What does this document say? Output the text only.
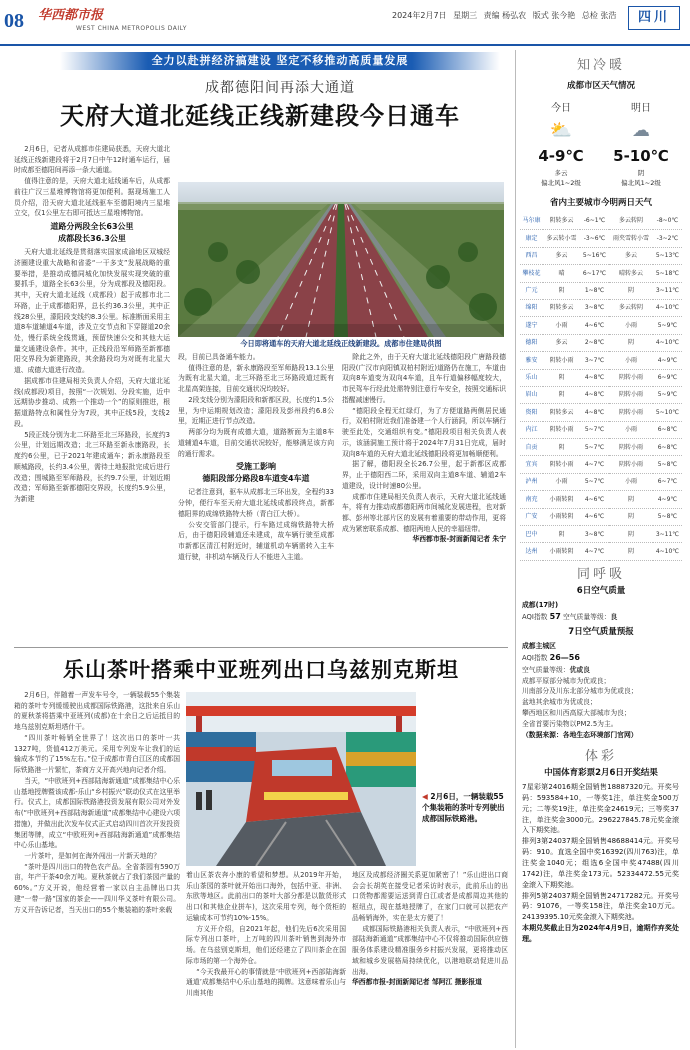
08 华西都市报
WEST CHINA METROPOLIS DAILY
2024年2月7日 星期三 责编 杨弘农 版式 张今艳 总检 张浩	四川
全力以赴拼经济搞建设 坚定不移推动高质量发展
成都德阳间再添大通道
天府大道北延线正线新建段今日通车

2月6日，记者从成都市住建局获悉，天府大道北延线正线新建段将于2月7日中午12时通车运行，届时成都至德阳间再添一条大通道。

值得注意的是，天府大道北延线通车后，从成都前往广汉三星堆博物馆将更加便利。据现场施工人员介绍，沿天府大道北延线驱车至德阳境内三星堆立交，仅1公里左右即可抵达三星堆博物馆。

道路分两段全长63公里
成都段长36.3公里

天府大道北延线是贯彻落实国家成渝地区双城经济圈建设重大战略和省委“一干多支”发展战略的重要举措，是推动成德同城化加快发展实现突破的重要抓手，道路全长63公里，分为成都段及德阳段。其中，天府大道北延线（成都段）起于成都市北二环路，止于成都德阳界，总长约36.3公里，其中正线28公里，濛阳段支线约8.3公里。标准断面采用主道8车道辅道4车道，涉及立交节点和下穿隧道20余处，慢行系统全线贯通，预留快速公交和其他大运量交通建设条件。其中，正线段沿军师路至新都德阳交界段为新建路段，其余路段均为对既有北星大道、成德大道进行改造。

据成都市住建局相关负责人介绍，天府大道北延线(成都段)项目，按照“一次规划、分段实施，近中远期协步推动、成熟一个推动一个”的原则推进，根据道路特点和属性分为7段，其中正线5段，支线2段。

5段正线分别为北二环路至北三环路段，长度约3公里，计划远期改造；北三环路至新永康路段，长度约6公里，已于2021年建成通车；新永康路段至顺城路段，长约3.4公里，需待土地报批完成后进行改造；围城路至军师路段，长约9.7公里，计划近期改造；军师路至新都德阳交界段，长度约5.9公里，为新建

今日即将通车的天府大道北延线正线新建段。成都市住建局供图

段，目前已具备通车能力。

值得注意的是，新永康路段至军师路段13.1公里为既有北星大道，北三环路至北三环路段道过既有北星高架连接，目前交通状况均较好。

2段支线分别为濛阳段和新都区段，长度约1.5公里，为中运期规划改造；濛阳段及彭州段约6.8公里，近期正进行节点改造。

两部分均为既有成德大道，道路断面为主道8车道辅道4车道，目前交通状况较好，能够满足该方向的通行需求。

受施工影响
德阳段部分路段8车道变4车道

记者注意到，驱车从成都北三环出发，全程约33分钟，便行车至天府大道北延线成都段终点，新都德阳界的成绵铁路特大桥（青白江大桥）。

公安交管部门提示，行车路过成绵铁路特大桥后，由于德阳段辅道还未建成，故车辆行驶至成都市新都区清江村附近时，辅道机动车辆需转入主车道行驶，非机动车辆及行人不能进入主道。

除此之外，由于天府大道北延线德阳段广唐路段德阳段(广汉市向阳镇双柏村附近)道路仍在施工，车道由双向8车道变为双向4车道，且车行道偏移幅度较大，市民驾车行经此处需特别注意行车安全，按照交通标识指醒减速慢行。

“德阳段全程无红绿灯，为了方便道路两侧居民通行，双柏村附近我们准备建一个人行涵洞，所以车辆行驶至此处，交通组织有变。”德阳段项目相关负责人表示，该涵洞施工预计将于2024年7月31日完成，届时双向8车道的天府大道北延线德阳段将更加畅顺便利。

据了解，德阳段全长26.7公里，起于新都区成都界，止于德阳西二环，采用双向主道8车道、辅道2车道建设，设计时速80公里。

成都市住建局相关负责人表示，天府大道北延线通车，将有力推动成都德阳两市间城化发展进程，也对新都、彭州等北部片区的发展有着重要的带动作用，更将成为紧密联系成都、德阳两地人民的幸福纽带。

华西都市报-封面新闻记者 朱宁

乐山茶叶搭乘中亚班列出口乌兹别克斯坦

2月6日，伴随着一声发车号令，一辆装载55个集装箱的茶叶专列缓缓驶出成都国际铁路港，这批来自乐山的夏秋茶将搭乘中亚班列(成都)在十余日之后运抵目的地乌兹别克斯坦塔什干。

“四川茶叶畅销全世界了！这次出口的茶叶一共1327吨，货值412万美元。采用专列发车让我们的运输成本节约了15%左右。”位于成都市青白江区的成都国际铁路港一片繁忙，茶商方义开高兴地向记者介绍。

当天，“中欧班列+西部陆海新通道”成都集结中心乐山基地授牌暨该成都-乐山“乡村振兴”联动仪式在这里举行。仪式上，成都国际铁路港投资发展有限公司对外发布(“中欧班列+西部陆海新通道”成都集结中心建设六项措施)，并做出此次发车仪式正式启动四川首次开发投资集团等牌，成立“中欧班列+西部陆海新通道”成都集结中心乐山基地。

一片茶叶，是如何在海外闯出一片新天地的？

“茶叶是四川出口的特色农产品。全省茶园有590万亩，年产干茶40余万吨。夏秋茶就占了我们茶园产量的60%。”方义开说，他经营着一家以自主品牌出口共建“一带一路”国家的茶企——四川华义茶叶有限公司。方义开告诉记者，当天出口的55个集装箱的茶叶来载

◀ 2月6日，一辆装载55个集装箱的茶叶专列驶出成都国际铁路港。

着山区茶农奔小康的希望和梦想。从2019年开始，乐山茶园的茶叶就开始出口海外，包括中亚、非洲、东欧等地区。此前出口的茶叶大部分都是以散货形式出口(和其他企业拼车)，这次采用专列，每个货柜的运输成本可节约10%-15%。

方义开介绍，自2021年起，他们先后6次采用国际专列出口茶叶，上万吨的四川茶叶销售到海外市场。在乌兹别克斯坦，他们还经建立了四川茶企在国际市场的第一个海外仓。

“今天我最开心的事情就是‘中欧班列+西部陆海新通道’成都集结中心乐山基地的揭牌。这意味着乐山与川南其他

地区及成都经济圈关系更加紧密了！”乐山进出口商会会长胡英在接受记者采访时表示，此前乐山的出口货物都需要运送到青白江或者是成都周边其他的枢纽点，现在基地授牌了，在家门口就可以把农产品畅销海外，实在是太方便了！

成都国际铁路港相关负责人表示，“中欧班列+西部陆海新通道”成都集结中心不仅将推动国际供应链服务体系建设精准服务乡村振兴发展，更将推动区域和城乡发展格局持续优化，以港地联动促进川品出海。

华西都市报-封面新闻记者 邹阿江 摄影报道

知冷暖
成都市区天气情况
今日
⛅
4-9℃
多云
偏北风1~2级
明日
☁
5-10℃
阴
偏北风1~2级
省内主要城市今明两日天气
马尔康	阴转多云	-6~1℃	多云转阴	-8~0℃
康定	多云转小雪	-3~6℃	雨夹雪转小雪	-3~2℃
西昌	多云	5~16℃	多云	5~13℃
攀枝花	晴	6~17℃	晴转多云	5~18℃
广元	阴	1~8℃	阴	3~11℃
绵阳	阴转多云	3~8℃	多云转阴	4~10℃
遂宁	小雨	4~6℃	小雨	5~9℃
德阳	多云	2~8℃	阴	4~10℃
雅安	阴转小雨	3~7℃	小雨	4~9℃
乐山	阴	4~8℃	阴转小雨	6~9℃
眉山	阴	4~8℃	阴转小雨	5~9℃
资阳	阴转多云	4~8℃	阴转小雨	5~10℃
内江	阴转小雨	5~7℃	小雨	6~8℃
自贡	阴	5~7℃	阴转小雨	6~8℃
宜宾	阴转小雨	4~7℃	阴转小雨	5~8℃
泸州	小雨	5~7℃	小雨	6~7℃
南充	小雨转阴	4~6℃	阴	4~9℃
广安	小雨转阴	4~6℃	阴	5~8℃
巴中	阴	3~8℃	阴	3~11℃
达州	小雨转阴	4~7℃	阴	4~10℃
同呼吸
6日空气质量
成都(17时)
AQI指数 57 空气质量等级：良
7日空气质量预报
成都主城区
AQI指数 26—56
空气质量等级：优或良
成都平原部分城市为优或良；
川南部分及川东北部分城市为优或良；
盆地其余城市为优或良；
攀西地区和川西高原大部城市为良；
全省首要污染物以PM2.5为主。
（数据来源：各地生态环境部门官网）
体彩
中国体育彩票2月6日开奖结果

7星彩第24016期全国销售18887320元。开奖号码：593584+10，一等奖1注，单注奖金500万元；二等奖19注，单注奖金24619元；三等奖37注，单注奖金3000元。296227845.78元奖金滚入下期奖池。

排列3第24037期全国销售48688414元。开奖号码：910。直选全国中奖16392(四川763)注，单注奖金1040元；组选6全国中奖47488(四川1742)注，单注奖金173元。52334472.55元奖金滚入下期奖池。

排列5第24037期全国销售24717282元。开奖号码：91076，一等奖158注，单注奖金10万元。24139395.10元奖金滚入下期奖池。

本期兑奖截止日为2024年4月9日，逾期作弃奖处理。
